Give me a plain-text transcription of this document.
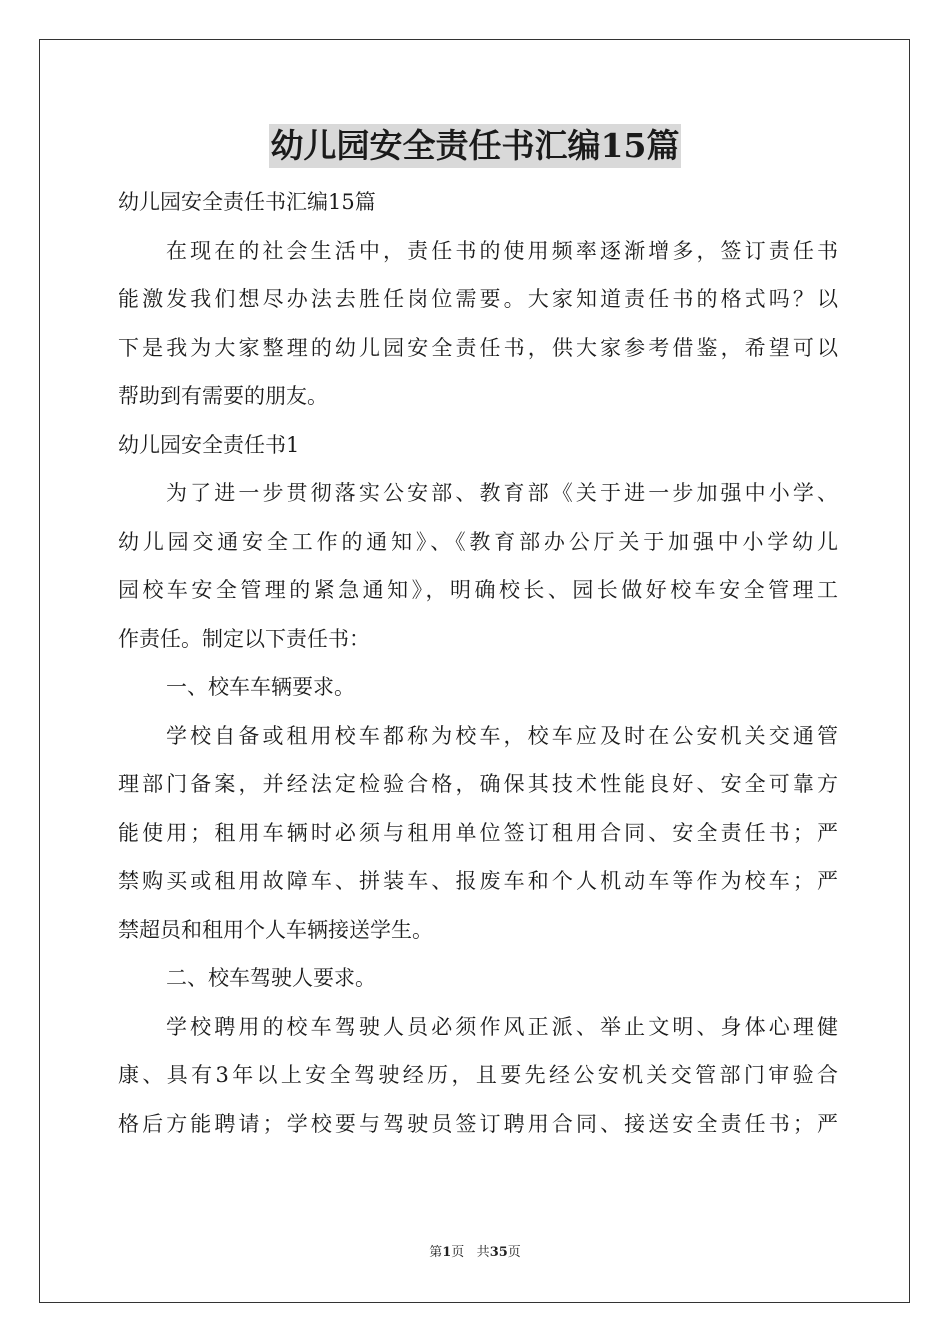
幼儿园安全责任书汇编15篇
幼儿园安全责任书汇编15篇
在现在的社会生活中，责任书的使用频率逐渐增多，签订责任书
能激发我们想尽办法去胜任岗位需要。大家知道责任书的格式吗？以
下是我为大家整理的幼儿园安全责任书，供大家参考借鉴，希望可以
帮助到有需要的朋友。
幼儿园安全责任书1
为了进一步贯彻落实公安部、教育部《关于进一步加强中小学、
幼儿园交通安全工作的通知》、《教育部办公厅关于加强中小学幼儿
园校车安全管理的紧急通知》，明确校长、园长做好校车安全管理工
作责任。制定以下责任书：
一、校车车辆要求。
学校自备或租用校车都称为校车，校车应及时在公安机关交通管
理部门备案，并经法定检验合格，确保其技术性能良好、安全可靠方
能使用；租用车辆时必须与租用单位签订租用合同、安全责任书；严
禁购买或租用故障车、拼装车、报废车和个人机动车等作为校车；严
禁超员和租用个人车辆接送学生。
二、校车驾驶人要求。
学校聘用的校车驾驶人员必须作风正派、举止文明、身体心理健
康、具有3年以上安全驾驶经历，且要先经公安机关交管部门审验合
格后方能聘请；学校要与驾驶员签订聘用合同、接送安全责任书；严
第1页 共35页
